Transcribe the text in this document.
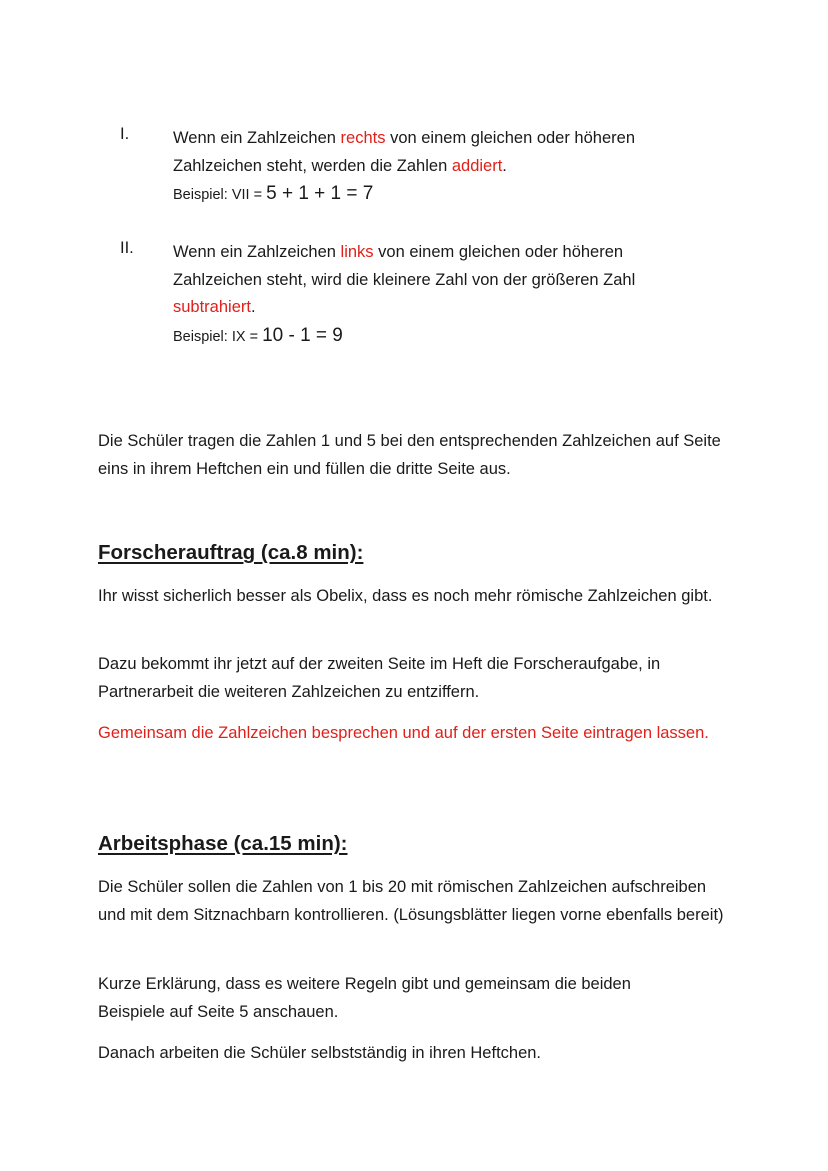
I.	Wenn ein Zahlzeichen rechts von einem gleichen oder höheren
Zahlzeichen steht, werden die Zahlen addiert.
Beispiel: VII = 5 + 1 + 1 = 7
II.	Wenn ein Zahlzeichen links von einem gleichen oder höheren
Zahlzeichen steht, wird die kleinere Zahl von der größeren Zahl
subtrahiert.
Beispiel: IX = 10 - 1 = 9
Die Schüler tragen die Zahlen 1 und 5 bei den entsprechenden Zahlzeichen auf Seite eins in ihrem Heftchen ein und füllen die dritte Seite aus.
Forscherauftrag (ca.8 min):
Ihr wisst sicherlich besser als Obelix, dass es noch mehr römische Zahlzeichen gibt.
Dazu bekommt ihr jetzt auf der zweiten Seite im Heft die Forscheraufgabe, in Partnerarbeit die weiteren Zahlzeichen zu entziffern.
Gemeinsam die Zahlzeichen besprechen und auf der ersten Seite eintragen lassen.
Arbeitsphase (ca.15 min):
Die Schüler sollen die Zahlen von 1 bis 20 mit römischen Zahlzeichen aufschreiben und mit dem Sitznachbarn kontrollieren. (Lösungsblätter liegen vorne ebenfalls bereit)
Kurze Erklärung, dass es weitere Regeln gibt und gemeinsam die beiden Beispiele auf Seite 5 anschauen.
Danach arbeiten die Schüler selbstständig in ihren Heftchen.
